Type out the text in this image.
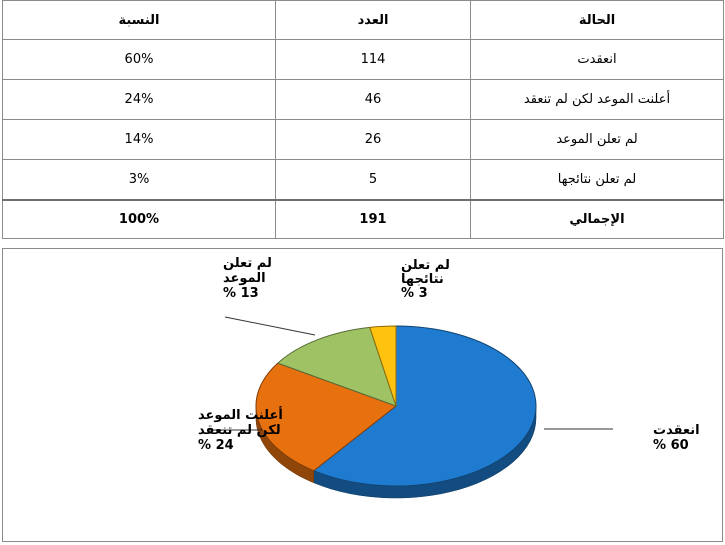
الحالة	العدد	النسبة
انعقدت	114	60%
أعلنت الموعد لكن لم تنعقد	46	24%
لم تعلن الموعد	26	14%
لم تعلن نتائجها	5	3%
الإجمالي	191	100%
انعقدت
60 %
أعلنت الموعد
لكن لم تنعقد
24 %
لم تعلن
الموعد
13 %
لم تعلن
نتائجها
3 %
